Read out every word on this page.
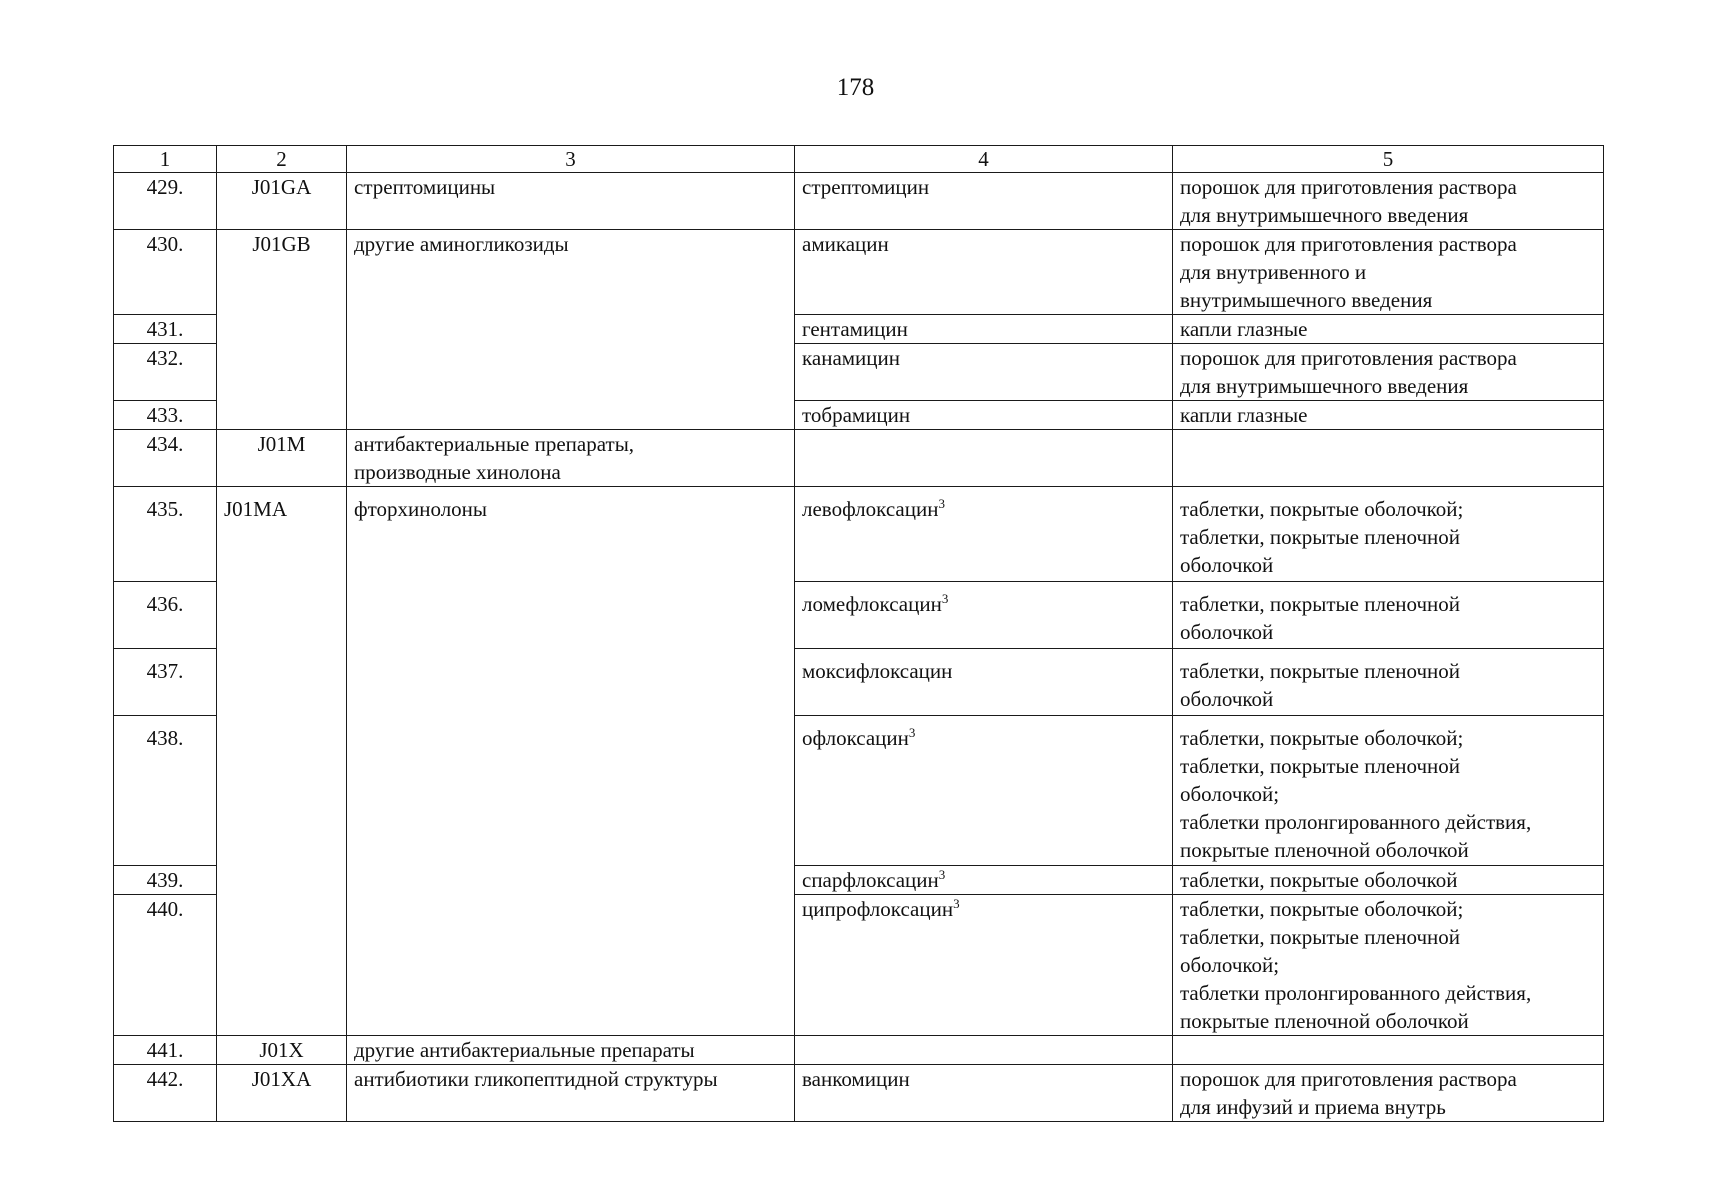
178
1	2	3	4	5
429.	J01GA	стрептомицины	стрептомицин	порошок для приготовления раствора
для внутримышечного введения
430.	J01GB	другие аминогликозиды	амикацин	порошок для приготовления раствора
для внутривенного и
внутримышечного введения
431.			гентамицин	капли глазные
432.			канамицин	порошок для приготовления раствора
для внутримышечного введения
433.			тобрамицин	капли глазные
434.	J01M	антибактериальные препараты,
производные хинолона		
435.	J01MA	фторхинолоны	левофлоксацин$^3$	таблетки, покрытые оболочкой;
таблетки, покрытые пленочной
оболочкой
436.			ломефлоксацин$^3$	таблетки, покрытые пленочной
оболочкой
437.			моксифлоксацин	таблетки, покрытые пленочной
оболочкой
438.			офлоксацин$^3$	таблетки, покрытые оболочкой;
таблетки, покрытые пленочной
оболочкой;
таблетки пролонгированного действия,
покрытые пленочной оболочкой
439.			спарфлоксацин$^3$	таблетки, покрытые оболочкой
440.			ципрофлоксацин$^3$	таблетки, покрытые оболочкой;
таблетки, покрытые пленочной
оболочкой;
таблетки пролонгированного действия,
покрытые пленочной оболочкой
441.	J01X	другие антибактериальные препараты		
442.	J01XA	антибиотики гликопептидной структуры	ванкомицин	порошок для приготовления раствора
для инфузий и приема внутрь
